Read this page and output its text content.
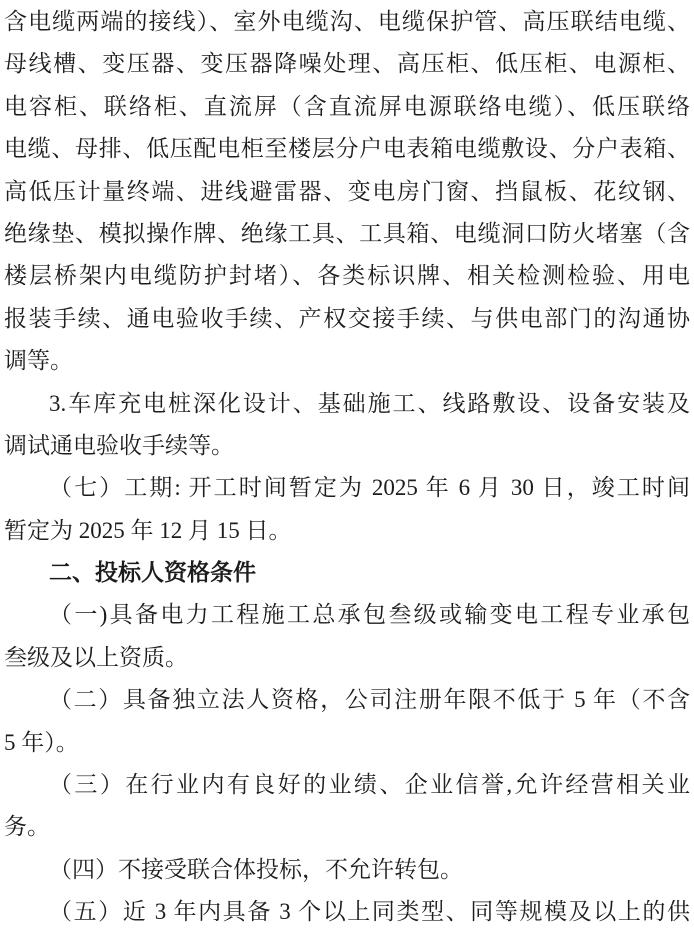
含电缆两端的接线）、室外电缆沟、电缆保护管、高压联结电缆、
母线槽、变压器、变压器降噪处理、高压柜、低压柜、电源柜、
电容柜、联络柜、直流屏（含直流屏电源联络电缆）、低压联络
电缆、母排、低压配电柜至楼层分户电表箱电缆敷设、分户表箱、
高低压计量终端、进线避雷器、变电房门窗、挡鼠板、花纹钢、
绝缘垫、模拟操作牌、绝缘工具、工具箱、电缆洞口防火堵塞（含
楼层桥架内电缆防护封堵）、各类标识牌、相关检测检验、用电
报装手续、通电验收手续、产权交接手续、与供电部门的沟通协
调等。
3.车库充电桩深化设计、基础施工、线路敷设、设备安装及
调试通电验收手续等。
（七）工期: 开工时间暂定为 2025 年 6 月 30 日，竣工时间
暂定为 2025 年 12 月 15 日。
二、投标人资格条件
（一)具备电力工程施工总承包叁级或输变电工程专业承包
叁级及以上资质。
（二）具备独立法人资格，公司注册年限不低于 5 年（不含
5 年）。
（三）在行业内有良好的业绩、企业信誉,允许经营相关业
务。
（四）不接受联合体投标，不允许转包。
（五）近 3 年内具备 3 个以上同类型、同等规模及以上的供
